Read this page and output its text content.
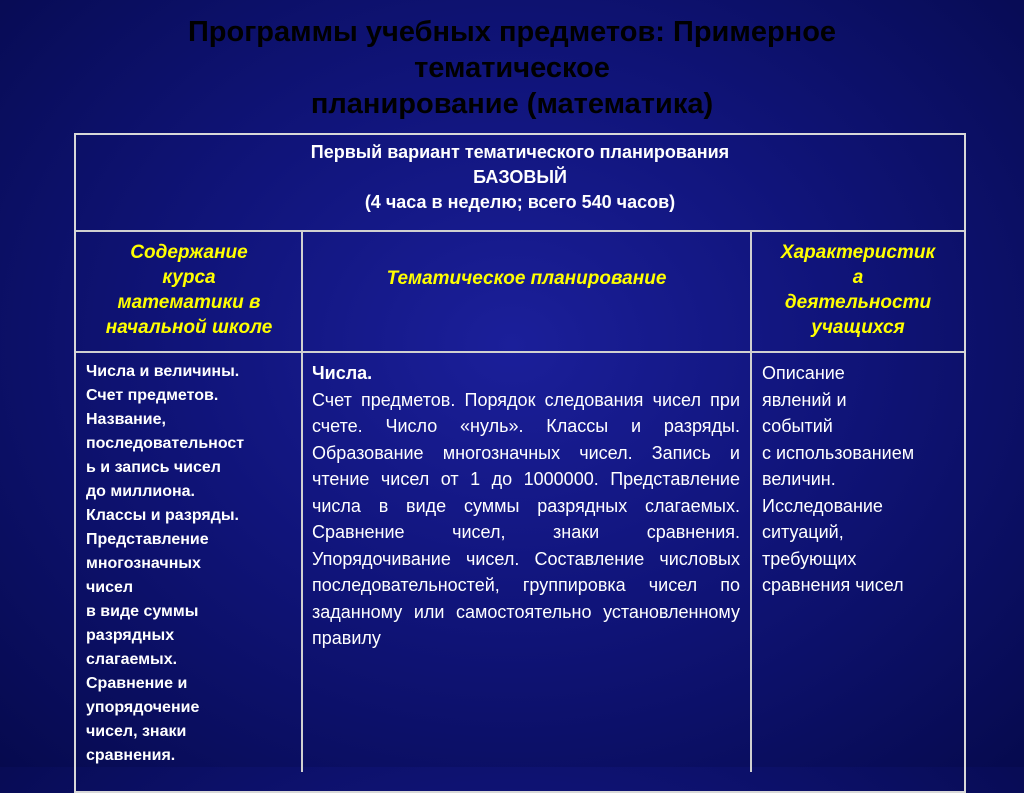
Программы учебных предметов: Примерное
тематическое
планирование (математика)
Первый вариант тематического планирования
БАЗОВЫЙ
(4 часа в неделю; всего 540 часов)
Содержание
курса
математики в
начальной школе
Тематическое планирование
Характеристик
а
деятельности
учащихся
Числа и величины.
Счет предметов.
Название,
последовательност
ь и запись чисел
до миллиона.
Классы и разряды.
Представление
многозначных
чисел
в виде суммы
разрядных
слагаемых.
Сравнение и
упорядочение
чисел, знаки
сравнения.
Числа.
Счет предметов. Порядок следования чисел при счете. Число «нуль». Классы и разряды. Образование многозначных чисел. Запись и чтение чисел от 1 до 1000000. Представление числа в виде суммы разрядных слагаемых. Сравнение чисел, знаки сравнения. Упорядочивание чисел. Составление числовых последовательностей, группировка чисел по заданному или самостоятельно установленному правилу
Описание
явлений и
событий
с использованием
величин.
Исследование
ситуаций,
требующих
сравнения чисел
